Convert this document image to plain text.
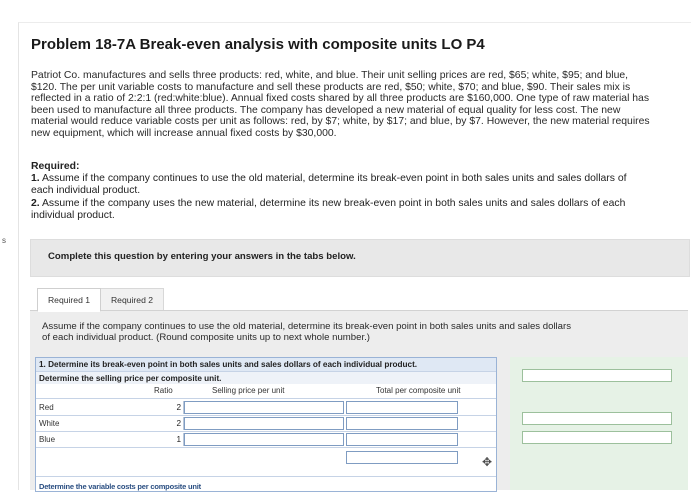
s
Problem 18-7A Break-even analysis with composite units LO P4
Patriot Co. manufactures and sells three products: red, white, and blue. Their unit selling prices are red, $65; white, $95; and blue,
$120. The per unit variable costs to manufacture and sell these products are red, $50; white, $70; and blue, $90. Their sales mix is
reflected in a ratio of 2:2:1 (red:white:blue). Annual fixed costs shared by all three products are $160,000. One type of raw material has
been used to manufacture all three products. The company has developed a new material of equal quality for less cost. The new
material would reduce variable costs per unit as follows: red, by $7; white, by $17; and blue, by $7. However, the new material requires
new equipment, which will increase annual fixed costs by $30,000.
Required:
1. Assume if the company continues to use the old material, determine its break-even point in both sales units and sales dollars of
each individual product.
2. Assume if the company uses the new material, determine its new break-even point in both sales units and sales dollars of each
individual product.
Complete this question by entering your answers in the tabs below.
Required 1	Required 2
Assume if the company continues to use the old material, determine its break-even point in both sales units and sales dollars
of each individual product. (Round composite units up to next whole number.)
1. Determine its break-even point in both sales units and sales dollars of each individual product.
Determine the selling price per composite unit.
Ratio	Selling price per unit	Total per composite unit
Red	2
White	2
Blue	1
Determine the variable costs per composite unit
✥
